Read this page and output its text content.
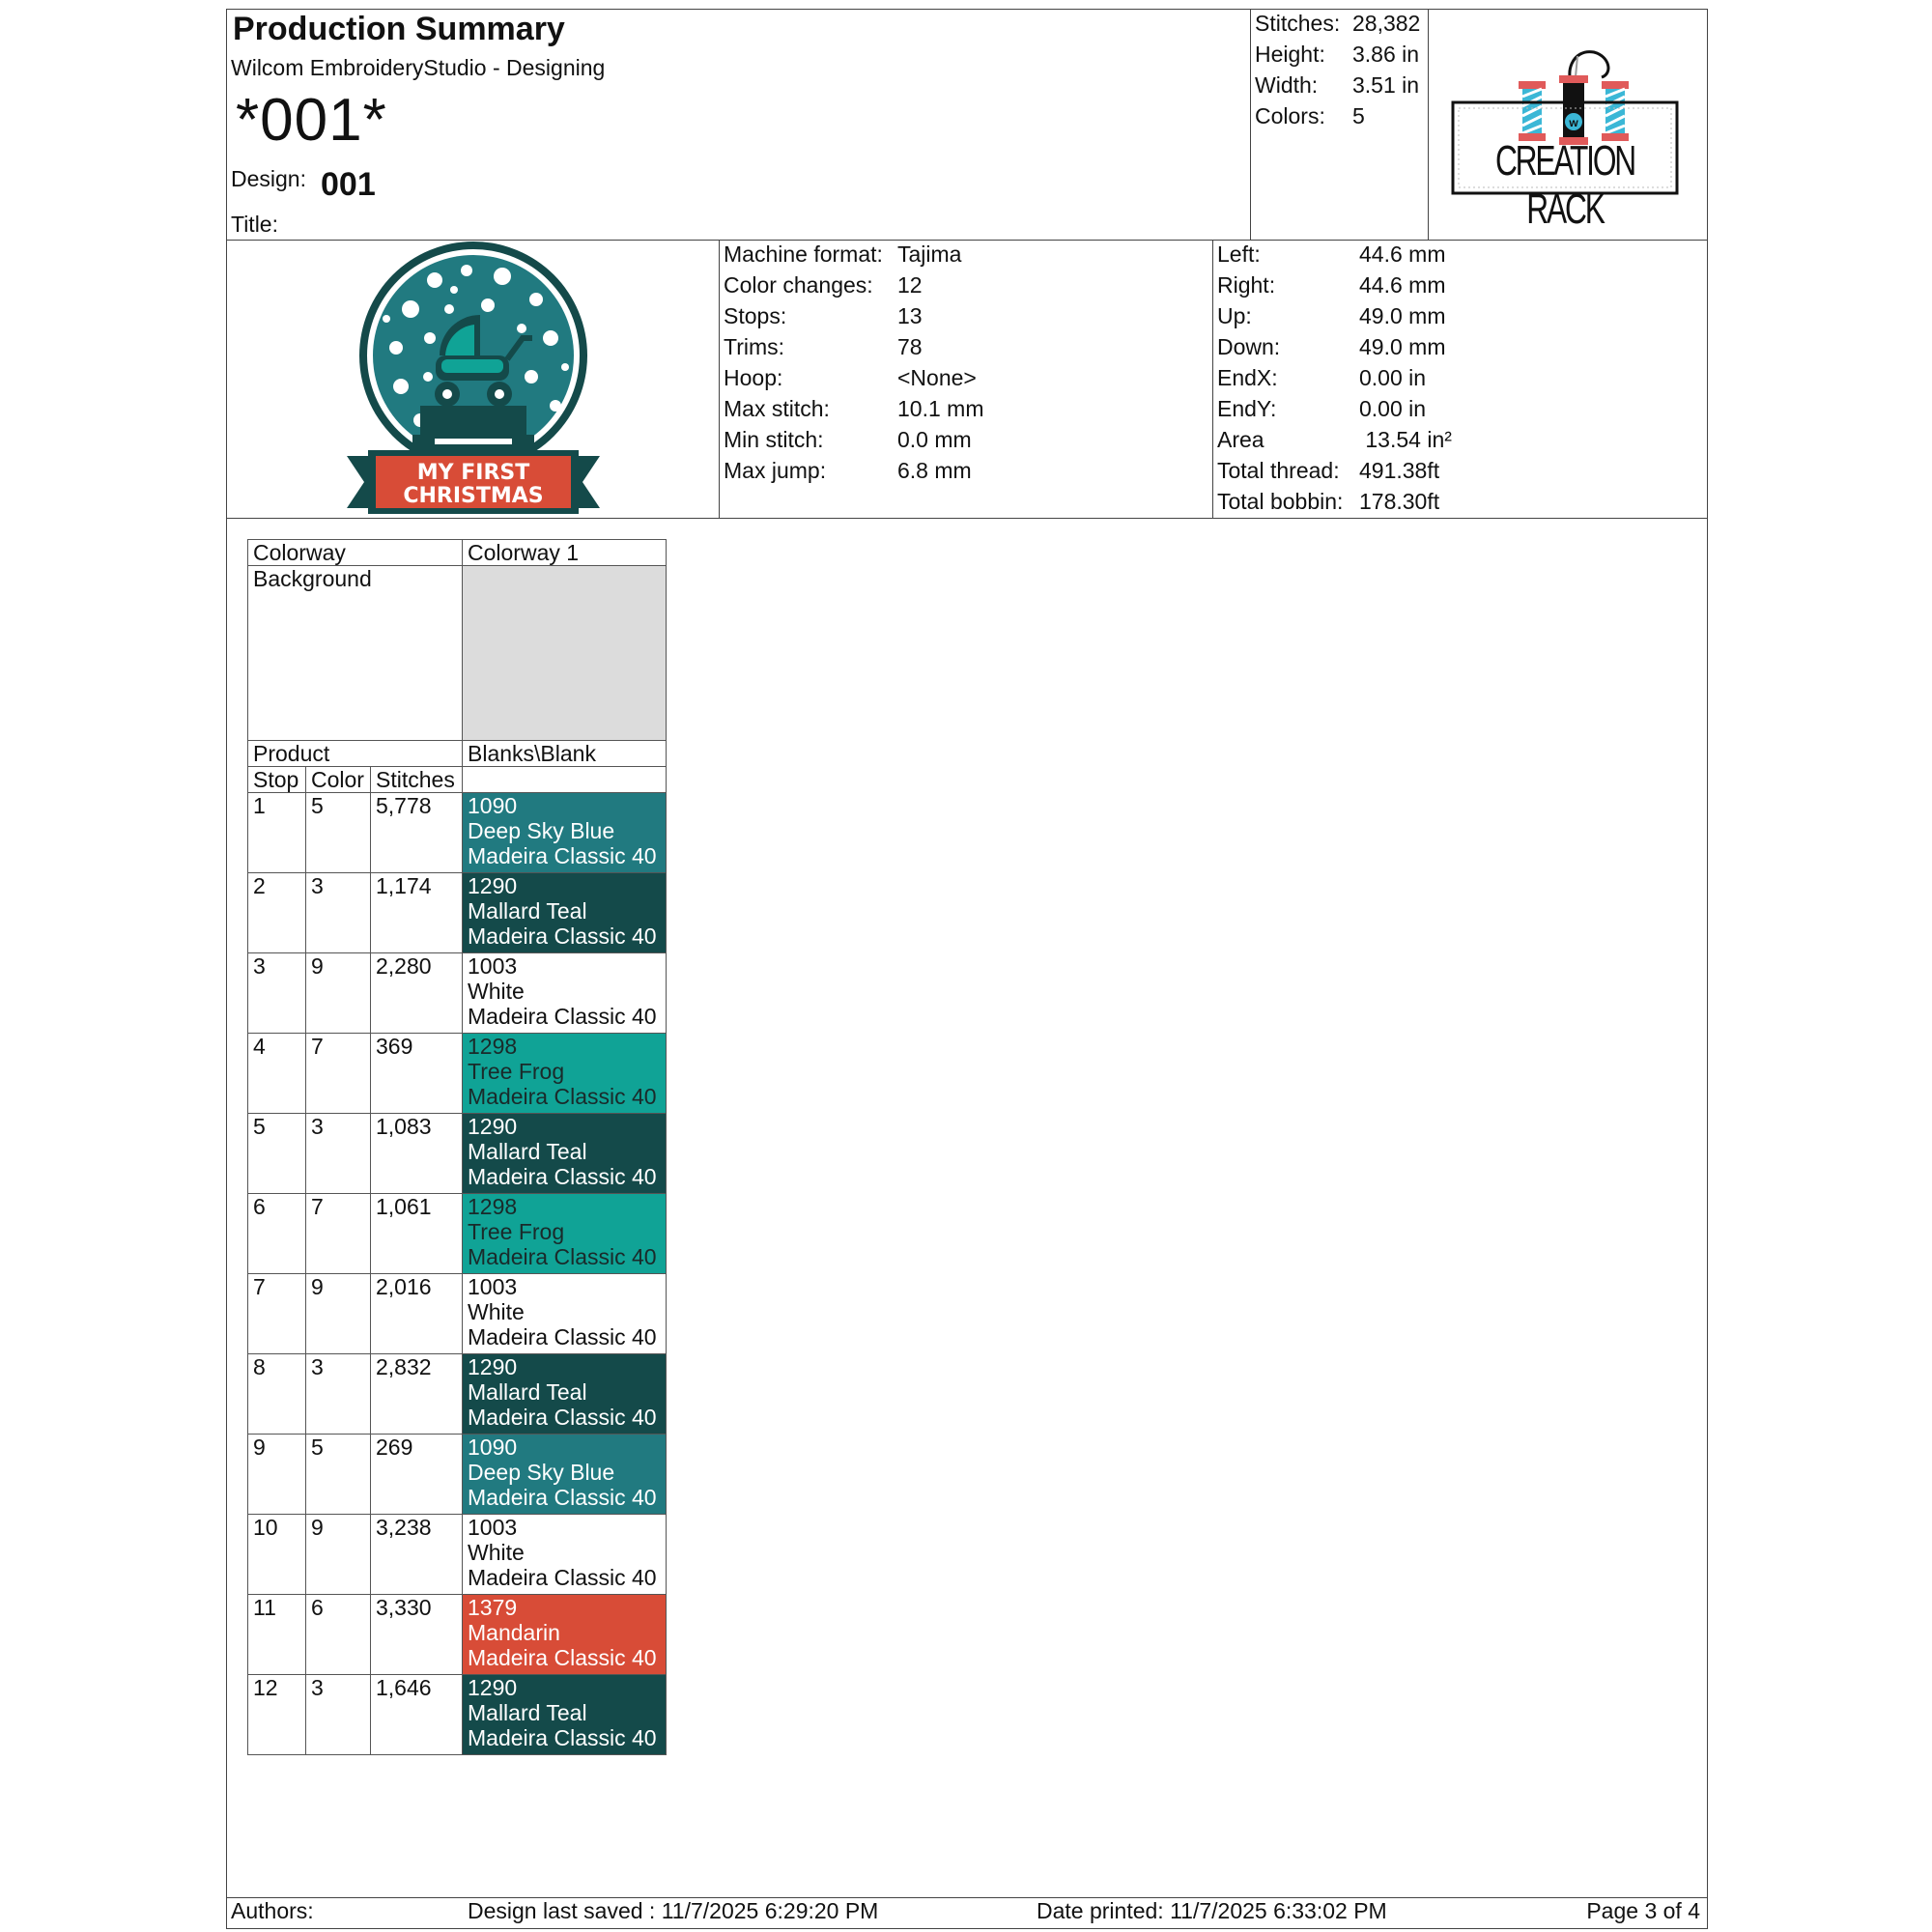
Production Summary
Wilcom EmbroideryStudio - Designing
*001*
Design: 001
Title:
Stitches: 28,382
Height:	3.86 in
Width:	3.51 in
Colors:	5	w
CREATION RACK
MY FIRST
CHRISTMAS
Machine format: Tajima
Color changes:	12
Stops:	13
Trims:	78
Hoop:	<None>
Max stitch:	10.1 mm
Min stitch:	0.0 mm
Max jump:	6.8 mm
Left:	44.6 mm
Right:	44.6 mm
Up:	49.0 mm
Down:	49.0 mm
EndX:	0.00 in
EndY:	0.00 in
Area	13.54 in²
Total thread: 491.38ft
Total bobbin: 178.30ft
Colorway			Colorway 1
Background			
Product			Blanks\Blank
Stop	Color	Stitches	
1	5	5,778	1090
Deep Sky Blue
Madeira Classic 40

2	3	1,174	1290
Mallard Teal
Madeira Classic 40

3	9	2,280	1003
White
Madeira Classic 40

4	7	369	1298
Tree Frog
Madeira Classic 40

5	3	1,083	1290
Mallard Teal
Madeira Classic 40

6	7	1,061	1298
Tree Frog
Madeira Classic 40

7	9	2,016	1003
White
Madeira Classic 40

8	3	2,832	1290
Mallard Teal
Madeira Classic 40

9	5	269	1090
Deep Sky Blue
Madeira Classic 40

10	9	3,238	1003
White
Madeira Classic 40

11	6	3,330	1379
Mandarin
Madeira Classic 40

12	3	1,646	1290
Mallard Teal
Madeira Classic 40
Authors:	Design last saved : 11/7/2025 6:29:20 PM	Date printed: 11/7/2025 6:33:02 PM	Page 3 of 4
